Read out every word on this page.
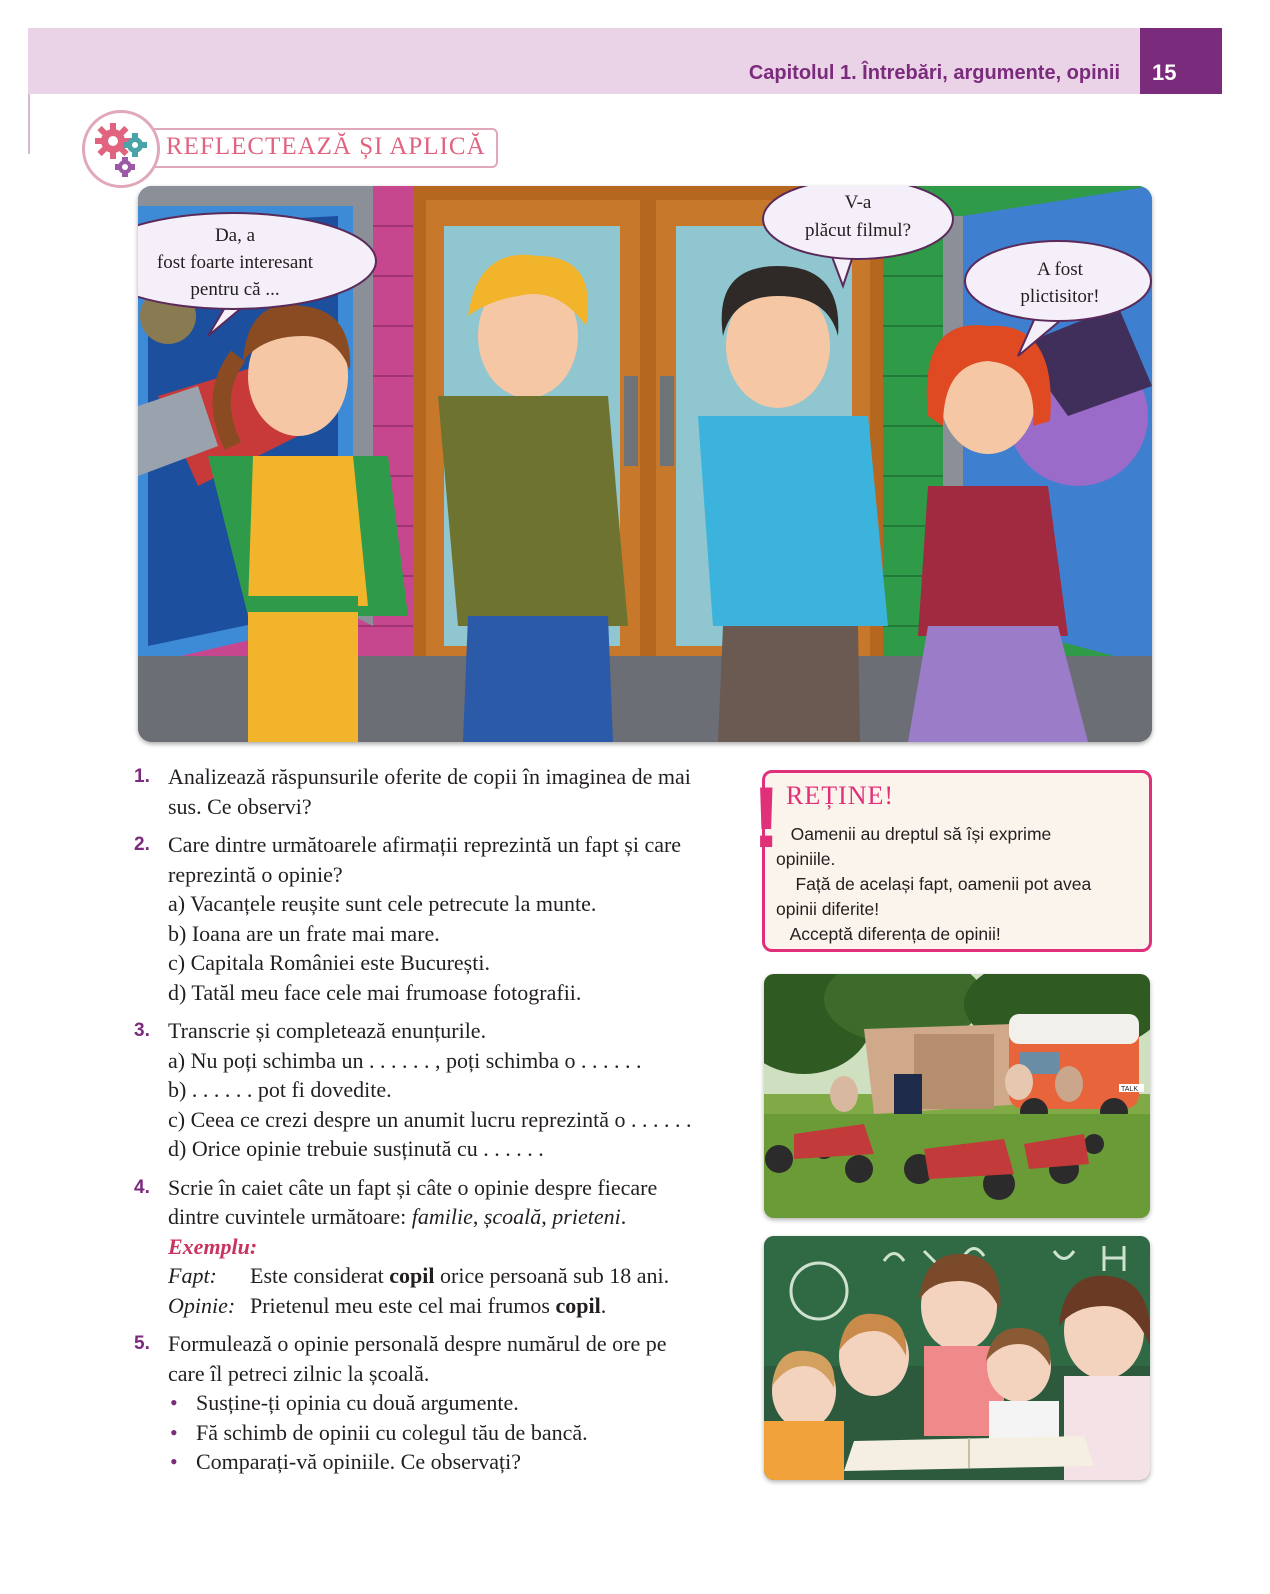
Capitolul 1. Întrebări, argumente, opinii	15
REFLECTEAZĂ ȘI APLICĂ
Da, a
fost foarte interesant
pentru că ...
V-a
plăcut filmul?
A fost
plictisitor!
1. Analizează răspunsurile oferite de copii în imaginea de mai
sus. Ce observi?
2. Care dintre următoarele afirmații reprezintă un fapt și care
reprezintă o opinie?
a) Vacanțele reușite sunt cele petrecute la munte.
b) Ioana are un frate mai mare.
c) Capitala României este București.
d) Tatăl meu face cele mai frumoase fotografii.
3. Transcrie și completează enunțurile.
a) Nu poți schimba un . . . . . . , poți schimba o . . . . . .
b) . . . . . . pot fi dovedite.
c) Ceea ce crezi despre un anumit lucru reprezintă o . . . . . .
d) Orice opinie trebuie susținută cu . . . . . .
4. Scrie în caiet câte un fapt și câte o opinie despre fiecare
dintre cuvintele următoare: familie, școală, prieteni.
Exemplu:
Fapt: Este considerat copil orice persoană sub 18 ani.
Opinie: Prietenul meu este cel mai frumos copil.
5. Formulează o opinie personală despre numărul de ore pe
care îl petreci zilnic la școală.
• Susține-ți opinia cu două argumente.
• Fă schimb de opinii cu colegul tău de bancă.
• Comparați-vă opiniile. Ce observați?
! REȚINE!
Oamenii au dreptul să își exprime
opiniile.
Față de același fapt, oamenii pot avea
opinii diferite!
Acceptă diferența de opinii!
TALK
